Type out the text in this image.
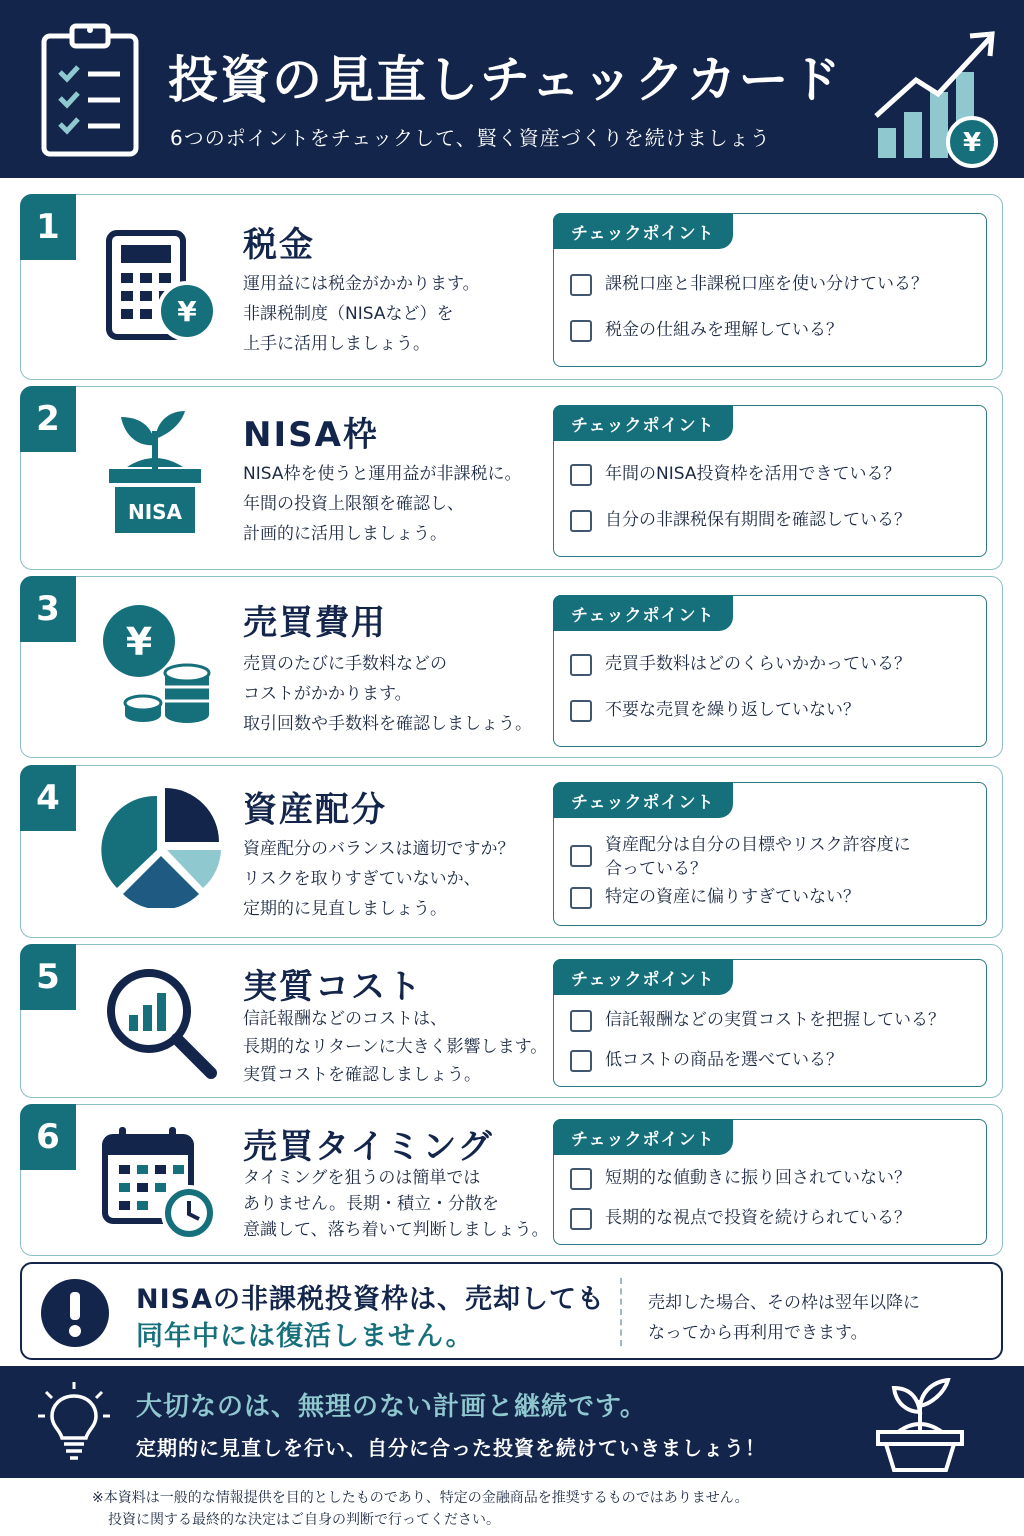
投資の見直しチェックカード
6つのポイントをチェックして、賢く資産づくりを続けましょう	¥
1
¥
税金
運用益には税金がかかります。
非課税制度（NISAなど）を
上手に活用しましょう。
チェックポイント
課税口座と非課税口座を使い分けている？
税金の仕組みを理解している？
2
NISA
NISA枠
NISA枠を使うと運用益が非課税に。
年間の投資上限額を確認し、
計画的に活用しましょう。
チェックポイント
年間のNISA投資枠を活用できている？
自分の非課税保有期間を確認している？
3
¥	売買費用
売買のたびに手数料などの
コストがかかります。
取引回数や手数料を確認しましょう。
チェックポイント
売買手数料はどのくらいかかっている？
不要な売買を繰り返していない？
4	資産配分
資産配分のバランスは適切ですか？
リスクを取りすぎていないか、
定期的に見直しましょう。
チェックポイント
資産配分は自分の目標やリスク許容度に
合っている？
特定の資産に偏りすぎていない？
5	実質コスト
信託報酬などのコストは、
長期的なリターンに大きく影響します。
実質コストを確認しましょう。
チェックポイント
信託報酬などの実質コストを把握している？
低コストの商品を選べている？
6	売買タイミング
タイミングを狙うのは簡単では
ありません。長期・積立・分散を
意識して、落ち着いて判断しましょう。
チェックポイント
短期的な値動きに振り回されていない？
長期的な視点で投資を続けられている？
NISAの非課税投資枠は、売却しても
同年中には復活しません。
売却した場合、その枠は翌年以降に
なってから再利用できます。
大切なのは、無理のない計画と継続です。
定期的に見直しを行い、自分に合った投資を続けていきましょう！
※本資料は一般的な情報提供を目的としたものであり、特定の金融商品を推奨するものではありません。
投資に関する最終的な決定はご自身の判断で行ってください。
